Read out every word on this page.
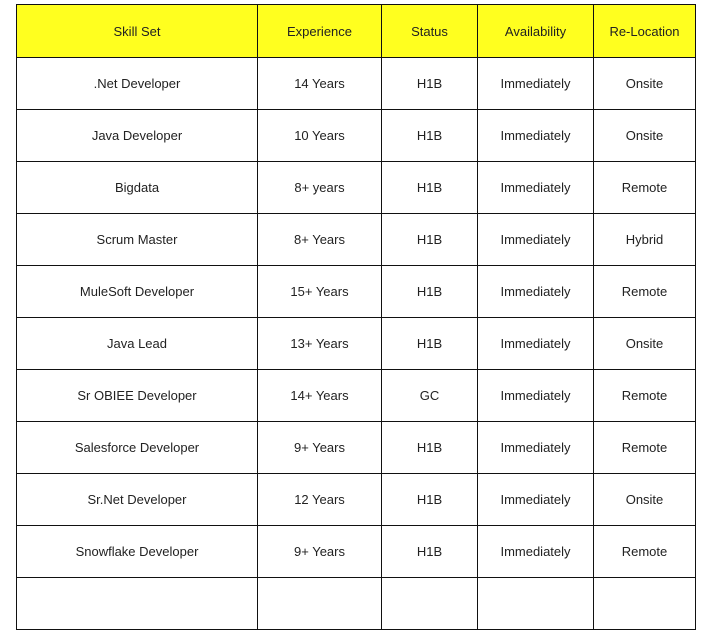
Skill Set	Experience	Status	Availability	Re-Location
.Net Developer	14 Years	H1B	Immediately	Onsite
Java Developer	10 Years	H1B	Immediately	Onsite
Bigdata	8+ years	H1B	Immediately	Remote
Scrum Master	8+ Years	H1B	Immediately	Hybrid
MuleSoft Developer	15+ Years	H1B	Immediately	Remote
Java Lead	13+ Years	H1B	Immediately	Onsite
Sr OBIEE Developer	14+ Years	GC	Immediately	Remote
Salesforce Developer	9+ Years	H1B	Immediately	Remote
Sr.Net Developer	12 Years	H1B	Immediately	Onsite
Snowflake Developer	9+ Years	H1B	Immediately	Remote
